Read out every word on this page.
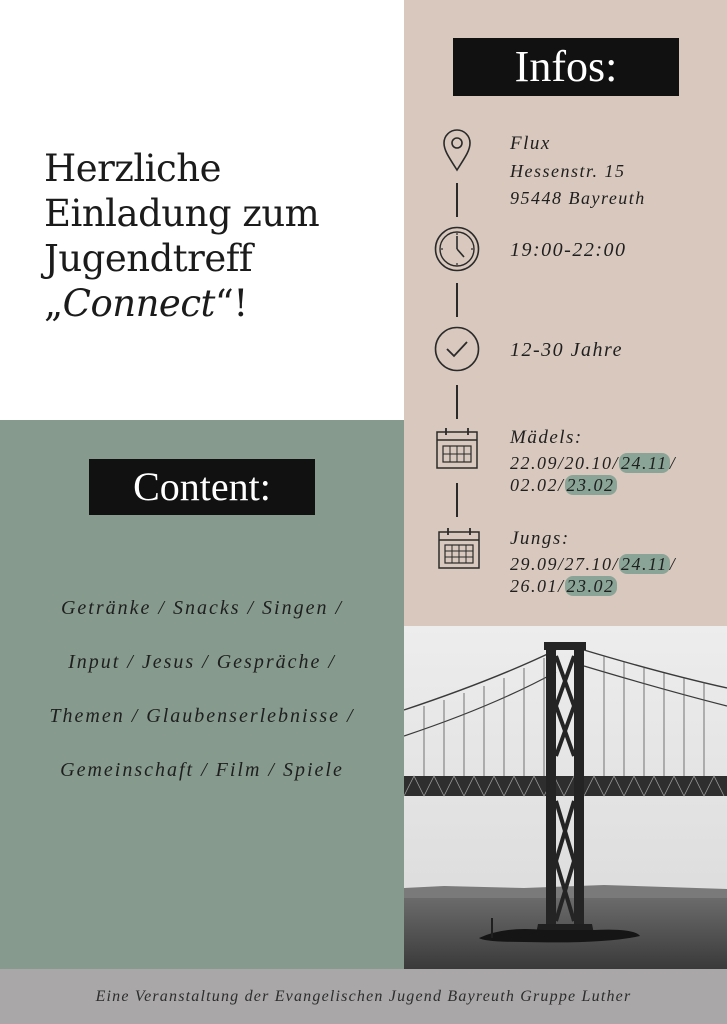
Herzliche
Einladung zum
Jugendtreff
„Connect“!
Content:
Getränke / Snacks / Singen /
Input / Jesus / Gespräche /
Themen / Glaubenserlebnisse /
Gemeinschaft / Film / Spiele
Infos:
Flux
Hessenstr. 15
95448 Bayreuth
19:00-22:00
12-30 Jahre
Mädels:
22.09/20.10/ 24.11 /
02.02/ 23.02
Jungs:
29.09/27.10/ 24.11 /
26.01/ 23.02
Eine Veranstaltung der Evangelischen Jugend Bayreuth Gruppe Luther
